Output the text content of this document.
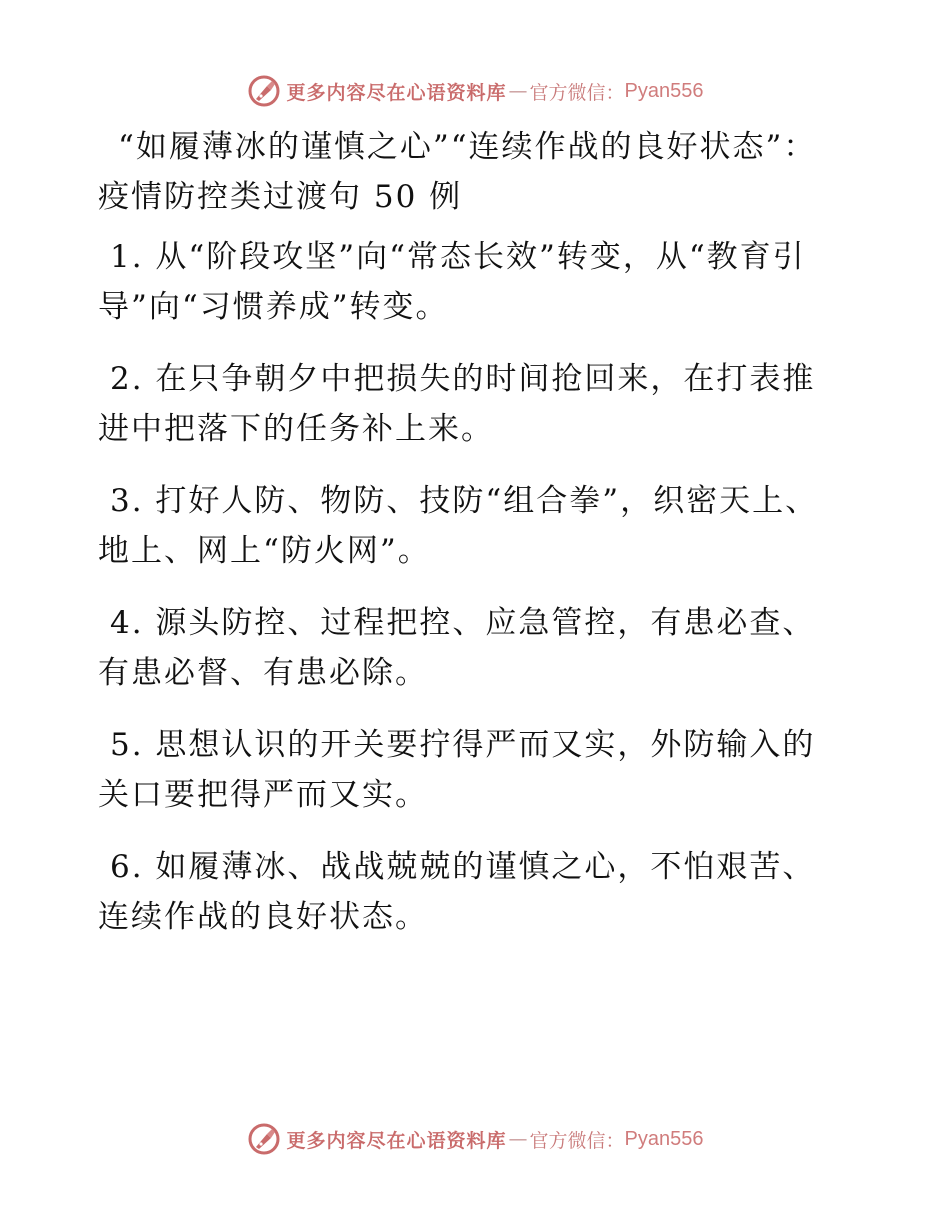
更多内容尽在心语资料库 — 官方微信： Pyan556

“如履薄冰的谨慎之心”“连续作战的良好状态”：疫情防控类过渡句 50 例

1. 从“阶段攻坚”向“常态长效”转变，从“教育引导”向“习惯养成”转变。

2. 在只争朝夕中把损失的时间抢回来，在打表推进中把落下的任务补上来。

3. 打好人防、物防、技防“组合拳”，织密天上、地上、网上“防火网”。

4. 源头防控、过程把控、应急管控，有患必查、有患必督、有患必除。

5. 思想认识的开关要拧得严而又实，外防输入的关口要把得严而又实。

6. 如履薄冰、战战兢兢的谨慎之心，不怕艰苦、连续作战的良好状态。

更多内容尽在心语资料库 — 官方微信： Pyan556
